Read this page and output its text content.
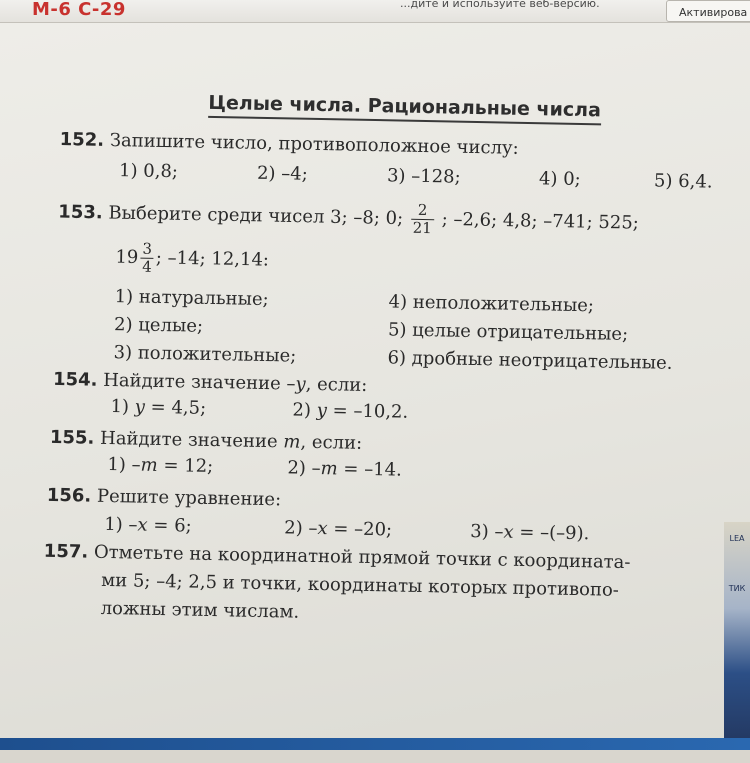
М-6 С-29	...дите и используйте веб-версию.
Активирова
Целые числа. Рациональные числа
152. Запишите число, противоположное числу:
1) 0,8;	2) –4;	3) –128;	4) 0;	5) 6,4.
153. Выберите среди чисел 3; –8; 0; $\frac{2}{21}$ ; –2,6; 4,8; –741; 525;
$19 \frac{3}{4}$ ; –14; 12,14:
1) натуральные;
2) целые;
3) положительные;
4) неположительные;
5) целые отрицательные;
6) дробные неотрицательные.
154. Найдите значение –y, если:
1) y = 4,5;	2) y = –10,2.
155. Найдите значение m, если:
1) –m = 12;	2) –m = –14.
156. Решите уравнение:
1) –x = 6;	2) –x = –20;	3) –x = –(–9).
157. Отметьте на координатной прямой точки с координата-
ми 5; –4; 2,5 и точки, координаты которых противопо-
ложны этим числам.
LEA
ТИК
